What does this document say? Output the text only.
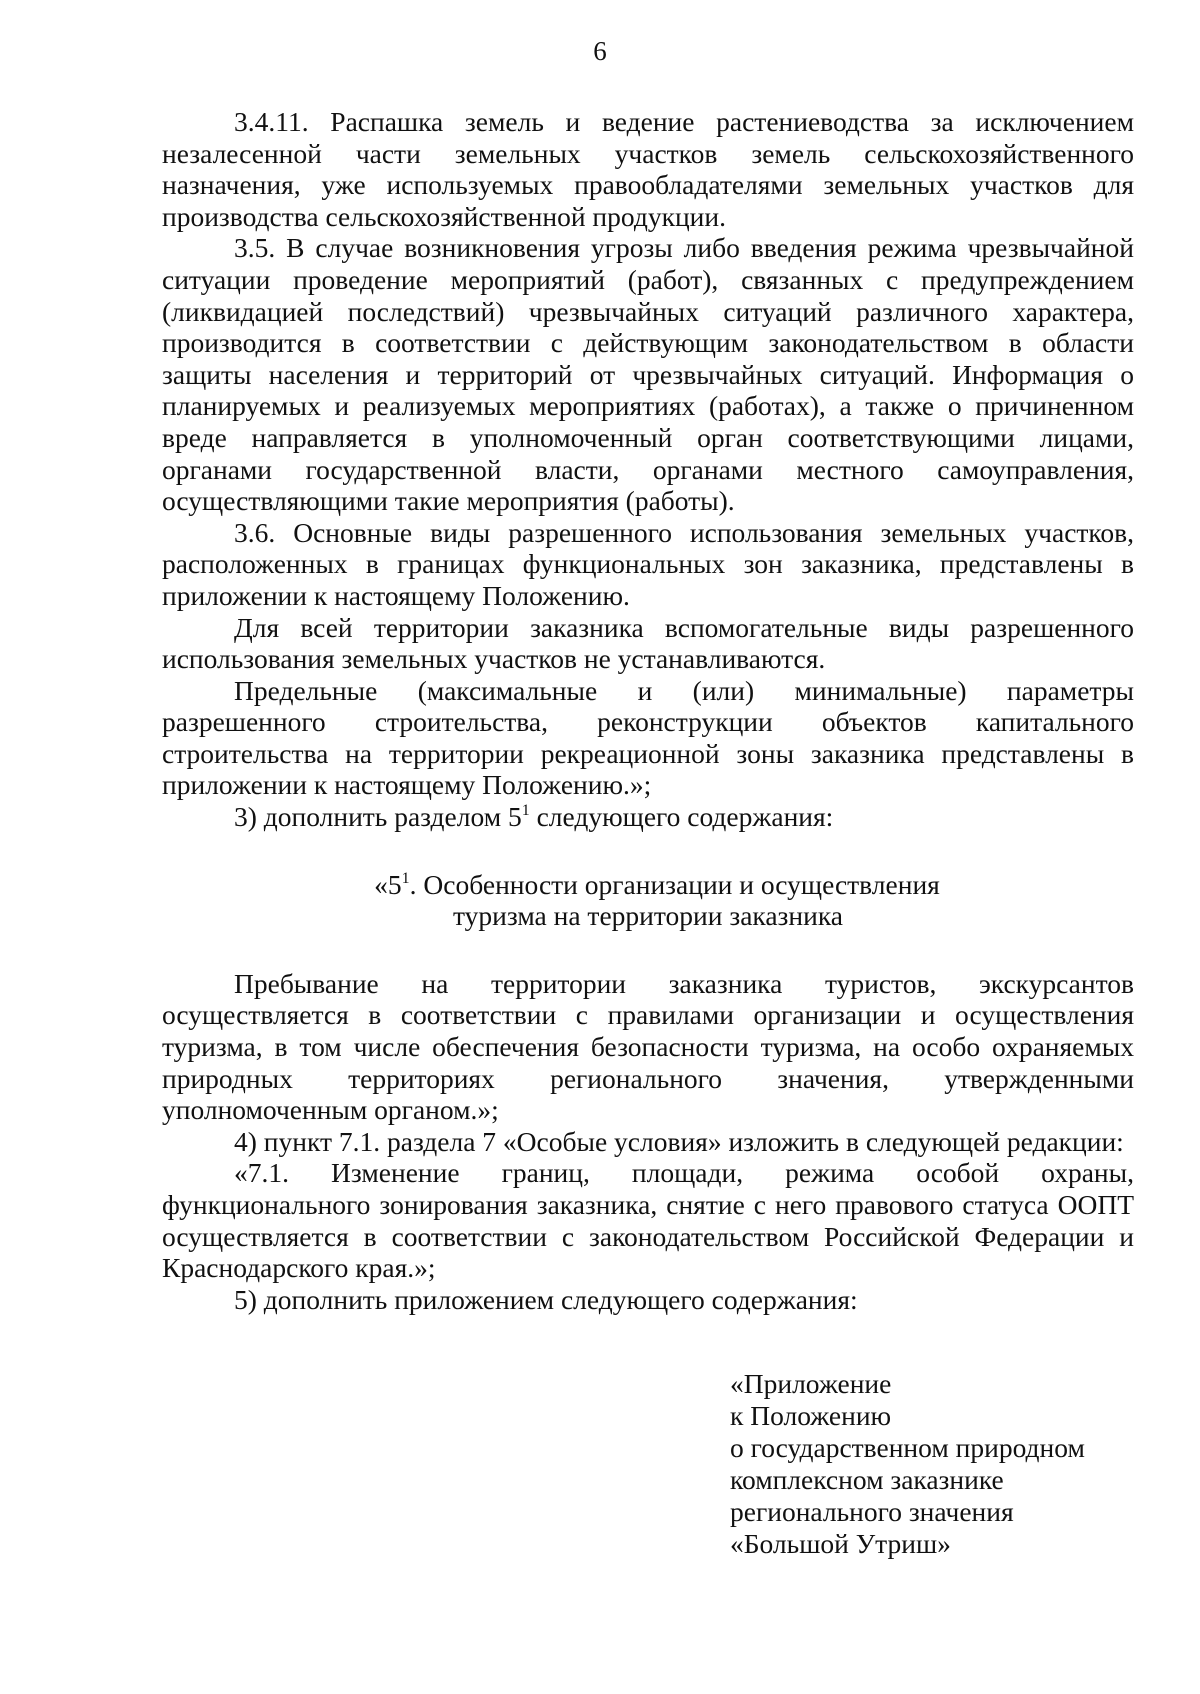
6

3.4.11. Распашка земель и ведение растениеводства за исключением незалесенной части земельных участков земель сельскохозяйственного назначения, уже используемых правообладателями земельных участков для производства сельскохозяйственной продукции.

3.5. В случае возникновения угрозы либо введения режима чрезвычайной ситуации проведение мероприятий (работ), связанных с предупреждением (ликвидацией последствий) чрезвычайных ситуаций различного характера, производится в соответствии с действующим законодательством в области защиты населения и территорий от чрезвычайных ситуаций. Информация о планируемых и реализуемых мероприятиях (работах), а также о причиненном вреде направляется в уполномоченный орган соответствующими лицами, органами государственной власти, органами местного самоуправления, осуществляющими такие мероприятия (работы).

3.6. Основные виды разрешенного использования земельных участков, расположенных в границах функциональных зон заказника, представлены в приложении к настоящему Положению.

Для всей территории заказника вспомогательные виды разрешенного использования земельных участков не устанавливаются.

Предельные (максимальные и (или) минимальные) параметры разрешенного строительства, реконструкции объектов капитального строительства на территории рекреационной зоны заказника представлены в приложении к настоящему Положению.»;

3) дополнить разделом $5^1$ следующего содержания:

«$5^1$. Особенности организации и осуществления
туризма на территории заказника

Пребывание на территории заказника туристов, экскурсантов осуществляется в соответствии с правилами организации и осуществления туризма, в том числе обеспечения безопасности туризма, на особо охраняемых природных территориях регионального значения, утвержденными уполномоченным органом.»;

4) пункт 7.1. раздела 7 «Особые условия» изложить в следующей редакции:

«7.1. Изменение границ, площади, режима особой охраны, функционального зонирования заказника, снятие с него правового статуса ООПТ осуществляется в соответствии с законодательством Российской Федерации и Краснодарского края.»;

5) дополнить приложением следующего содержания:

«Приложение
к Положению
о государственном природном
комплексном заказнике
регионального значения
«Большой Утриш»
